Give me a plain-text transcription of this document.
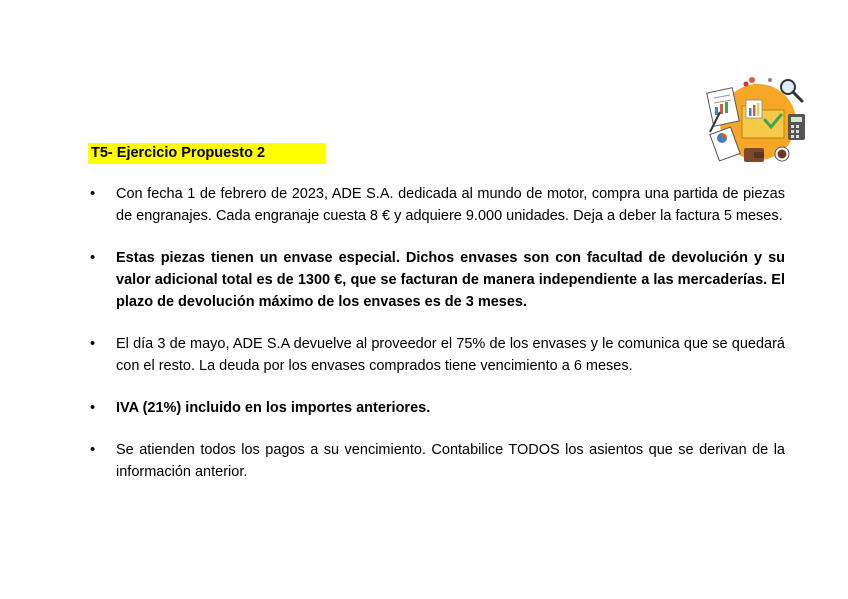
T5- Ejercicio Propuesto 2
• Con fecha 1 de febrero de 2023, ADE S.A. dedicada al mundo de motor, compra una partida de piezas de engranajes. Cada engranaje cuesta 8 € y adquiere 9.000 unidades. Deja a deber la factura 5 meses.
• Estas piezas tienen un envase especial. Dichos envases son con facultad de devolución y su valor adicional total es de 1300 €, que se facturan de manera independiente a las mercaderías. El plazo de devolución máximo de los envases es de 3 meses.
• El día 3 de mayo, ADE S.A devuelve al proveedor el 75% de los envases y le comunica que se quedará con el resto. La deuda por los envases comprados tiene vencimiento a 6 meses.
• IVA (21%) incluido en los importes anteriores.
• Se atienden todos los pagos a su vencimiento. Contabilice TODOS los asientos que se derivan de la información anterior.
